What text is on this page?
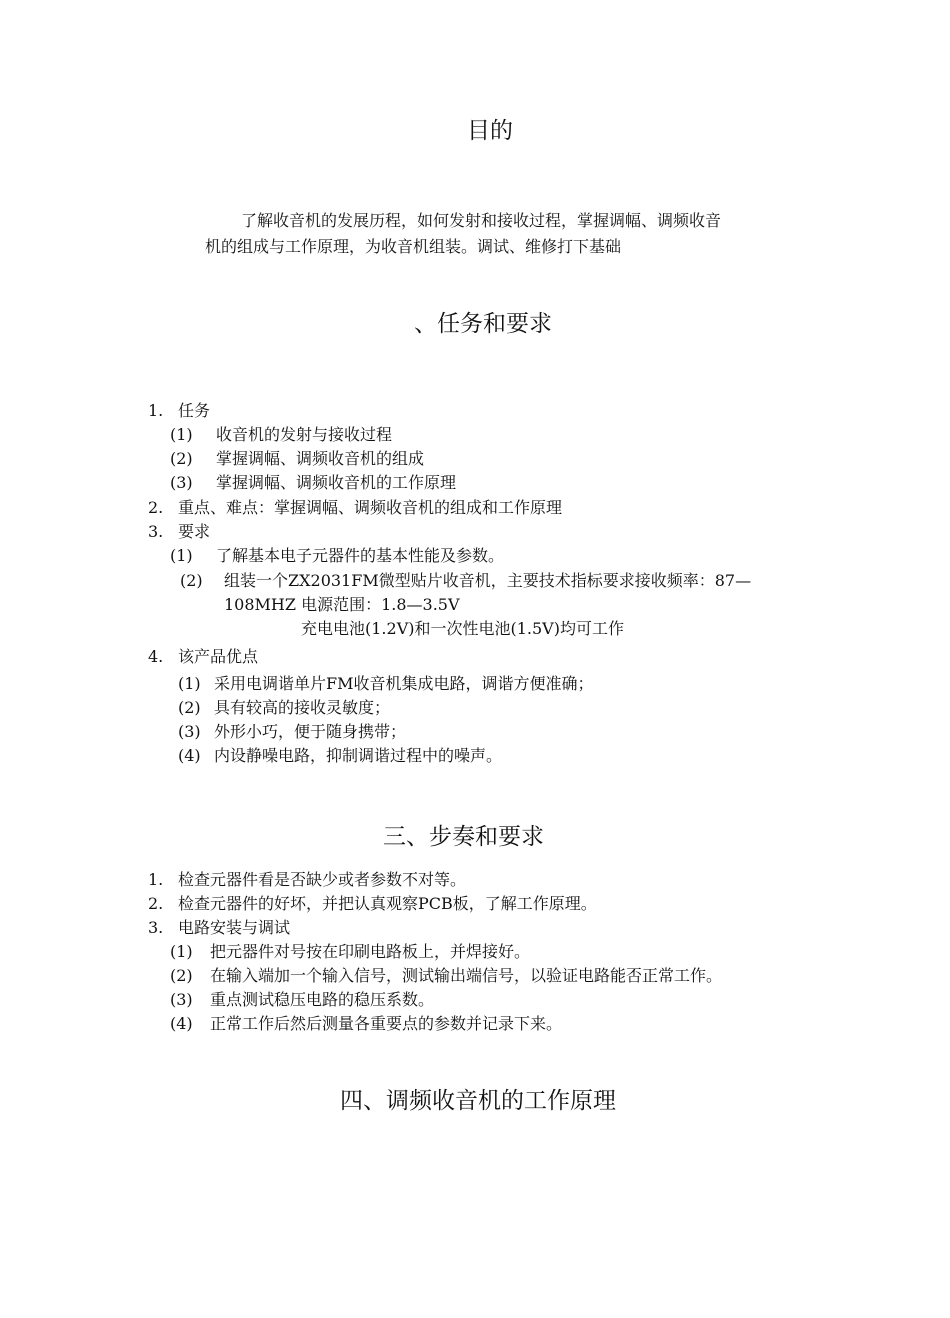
目的

了解收音机的发展历程，如何发射和接收过程，掌握调幅、调频收音

机的组成与工作原理，为收音机组装。调试、维修打下基础

、任务和要求
1. 任务
(1) 收音机的发射与接收过程
(2) 掌握调幅、调频收音机的组成
(3) 掌握调幅、调频收音机的工作原理
2. 重点、难点：掌握调幅、调频收音机的组成和工作原理
3. 要求
(1) 了解基本电子元器件的基本性能及参数。
(2) 组装一个ZX2031FM微型贴片收音机，主要技术指标要求接收频率：87—
108MHZ 电源范围：1.8—3.5V
充电电池(1.2V)和一次性电池(1.5V)均可工作
4. 该产品优点
(1) 采用电调谐单片FM收音机集成电路，调谐方便准确；
(2) 具有较高的接收灵敏度；
(3) 外形小巧，便于随身携带；
(4) 内设静噪电路，抑制调谐过程中的噪声。
三、步奏和要求
1. 检查元器件看是否缺少或者参数不对等。
2. 检查元器件的好坏，并把认真观察PCB板，了解工作原理。
3. 电路安装与调试
(1) 把元器件对号按在印刷电路板上，并焊接好。
(2) 在输入端加一个输入信号，测试输出端信号，以验证电路能否正常工作。
(3) 重点测试稳压电路的稳压系数。
(4) 正常工作后然后测量各重要点的参数并记录下来。
四、调频收音机的工作原理
